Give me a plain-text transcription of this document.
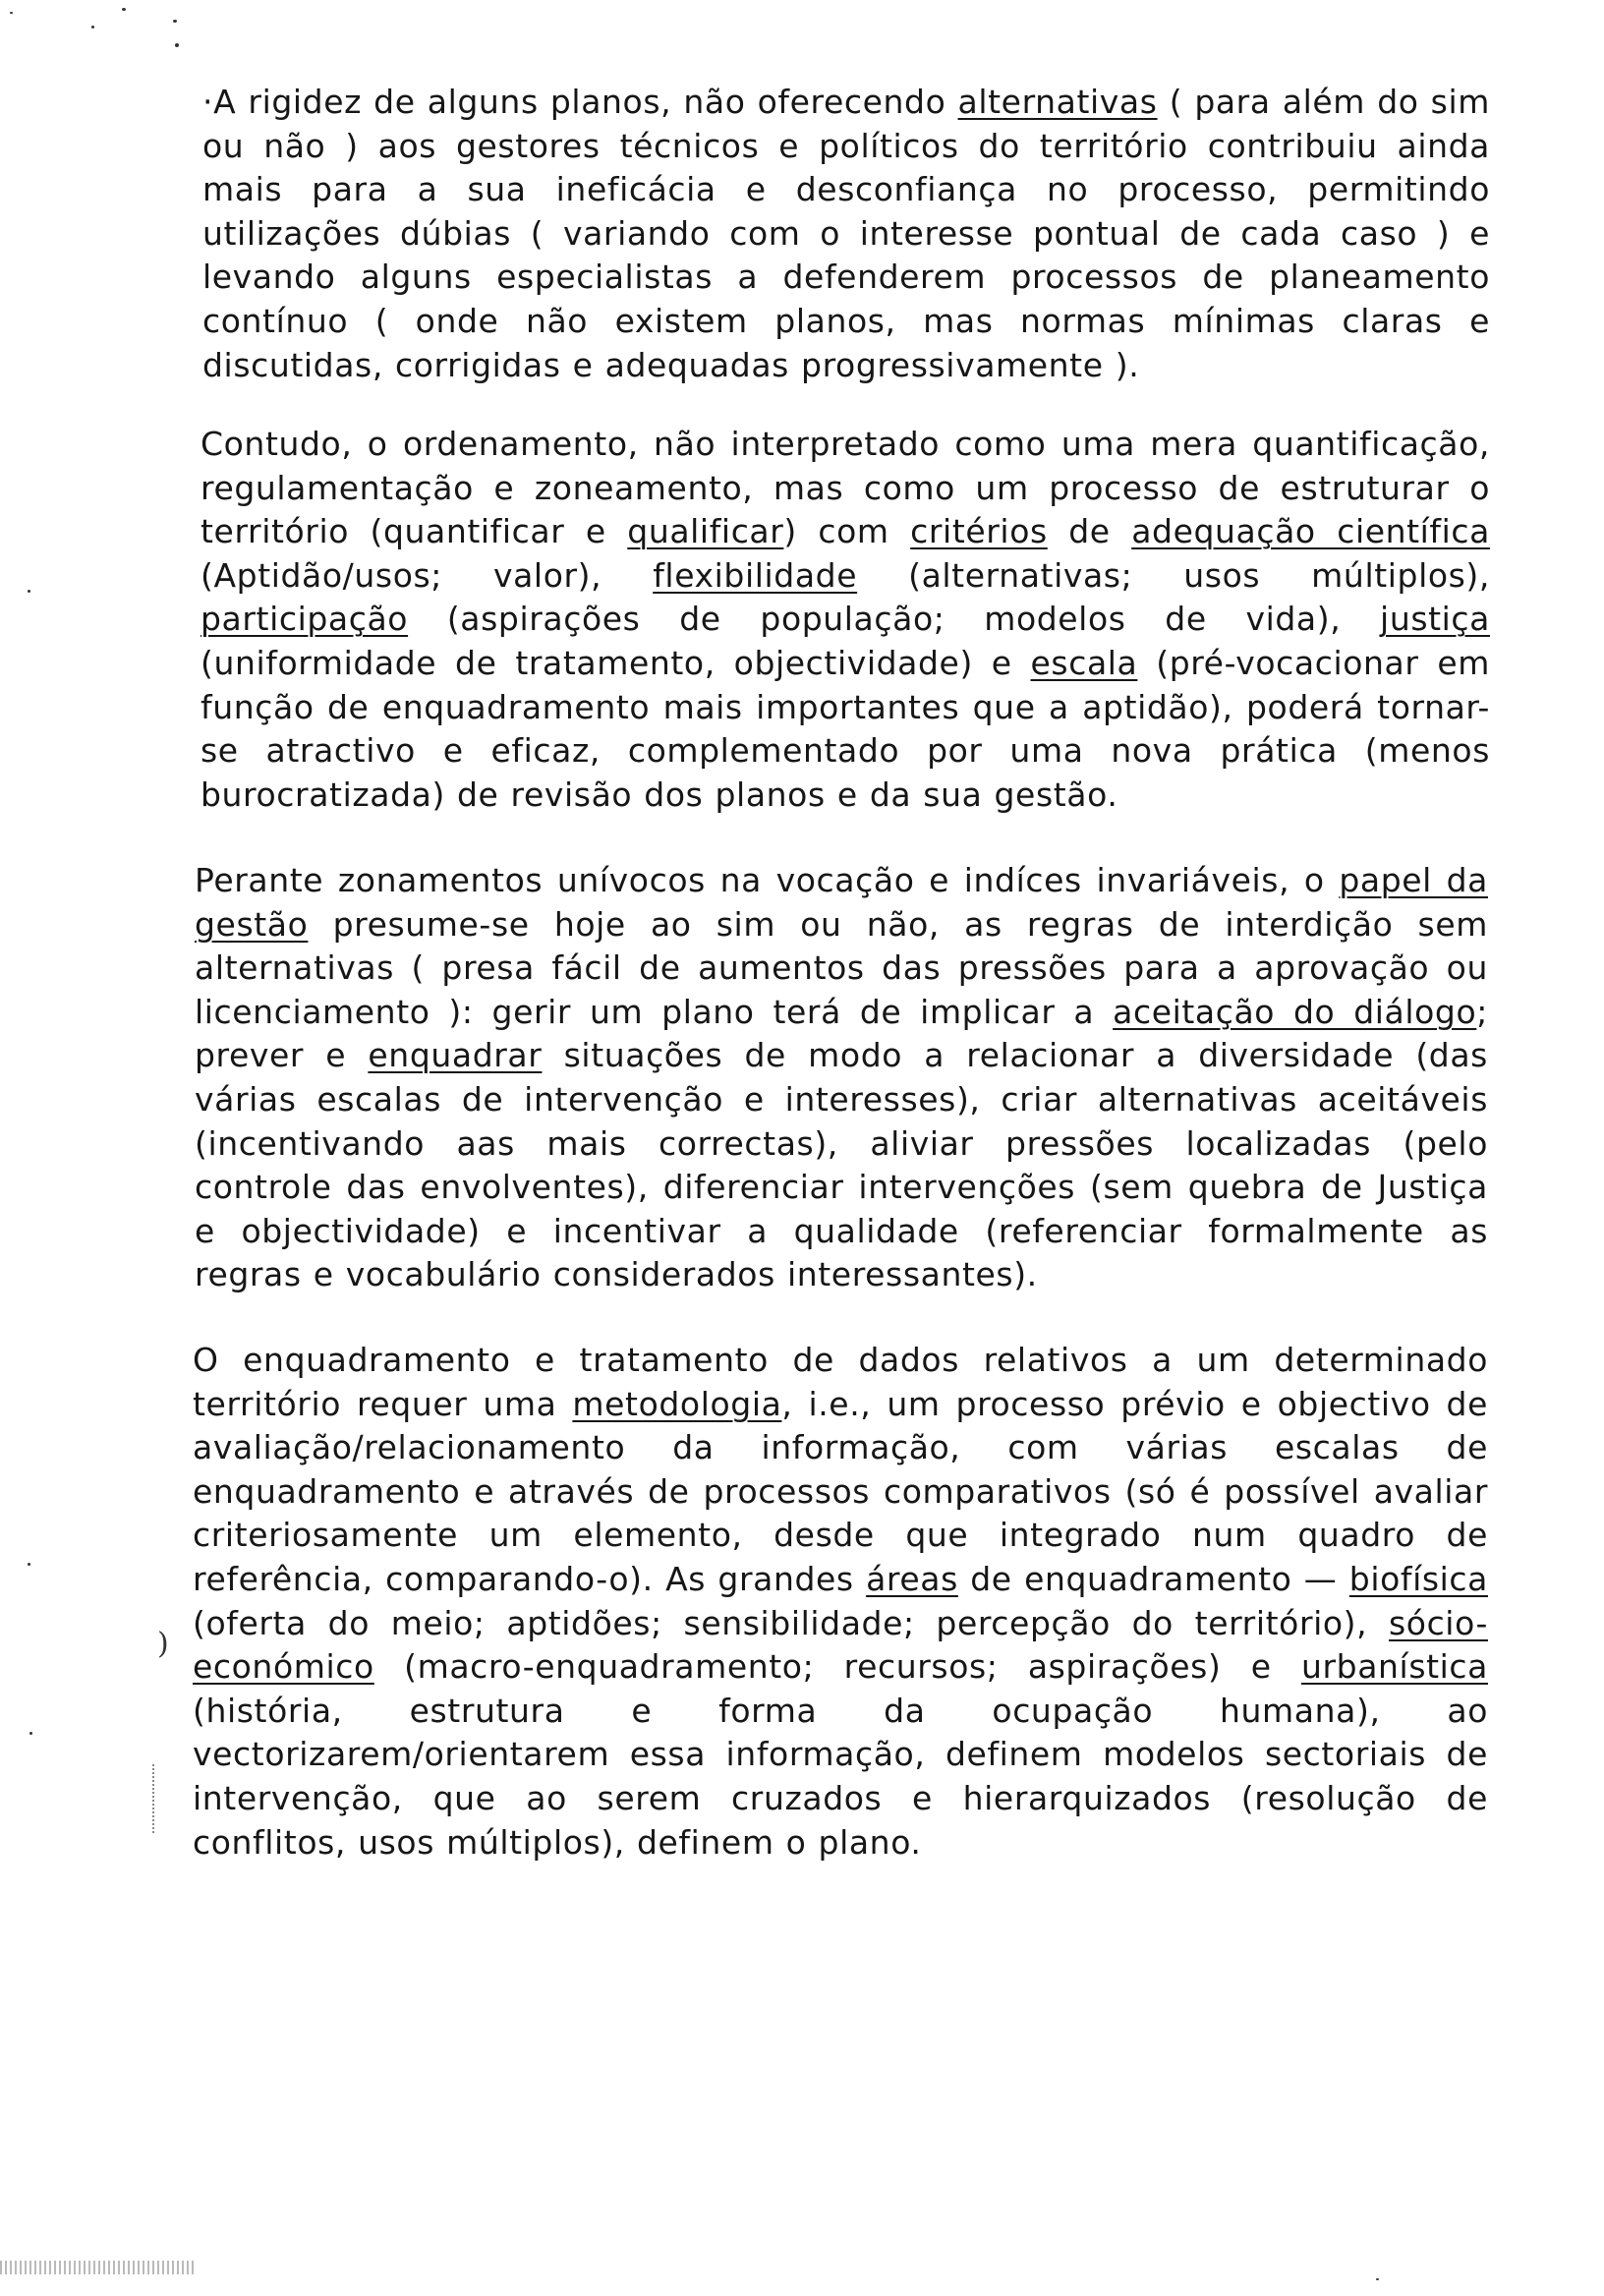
)

·A rigidez de alguns planos, não oferecendo alternativas ( para além do sim ou não ) aos gestores técnicos e políticos do território contribuiu ainda mais para a sua ineficácia e desconfiança no processo, permitindo utilizações dúbias ( variando com o interesse pontual de cada caso ) e levando alguns especialistas a defenderem processos de planeamento contínuo ( onde não existem planos, mas normas mínimas claras e discutidas, corrigidas e adequadas progressivamente ).

Contudo, o ordenamento, não interpretado como uma mera quantificação, regulamentação e zoneamento, mas como um processo de estruturar o território (quantificar e qualificar) com critérios de adequação científica (Aptidão/usos; valor), flexibilidade (alternativas; usos múltiplos), participação (aspirações de população; modelos de vida), justiça (uniformidade de tratamento, objectividade) e escala (pré-vocacionar em função de enquadramento mais importantes que a aptidão), poderá tornar-se atractivo e eficaz, complementado por uma nova prática (menos burocratizada) de revisão dos planos e da sua gestão.

Perante zonamentos unívocos na vocação e indíces invariáveis, o papel da gestão presume-se hoje ao sim ou não, as regras de interdição sem alternativas ( presa fácil de aumentos das pressões para a aprovação ou licenciamento ): gerir um plano terá de implicar a aceitação do diálogo; prever e enquadrar situações de modo a relacionar a diversidade (das várias escalas de intervenção e interesses), criar alternativas aceitáveis (incentivando aas mais correctas), aliviar pressões localizadas (pelo controle das envolventes), diferenciar intervenções (sem quebra de Justiça e objectividade) e incentivar a qualidade (referenciar formalmente as regras e vocabulário considerados interessantes).

O enquadramento e tratamento de dados relativos a um determinado território requer uma metodologia, i.e., um processo prévio e objectivo de avaliação/relacionamento da informação, com várias escalas de enquadramento e através de processos comparativos (só é possível avaliar criteriosamente um elemento, desde que integrado num quadro de referência, comparando-o). As grandes áreas de enquadramento — biofísica (oferta do meio; aptidões; sensibilidade; percepção do território), sócio-económico (macro-enquadramento; recursos; aspirações) e urbanística (história, estrutura e forma da ocupação humana), ao vectorizarem/orientarem essa informação, definem modelos sectoriais de intervenção, que ao serem cruzados e hierarquizados (resolução de conflitos, usos múltiplos), definem o plano.
